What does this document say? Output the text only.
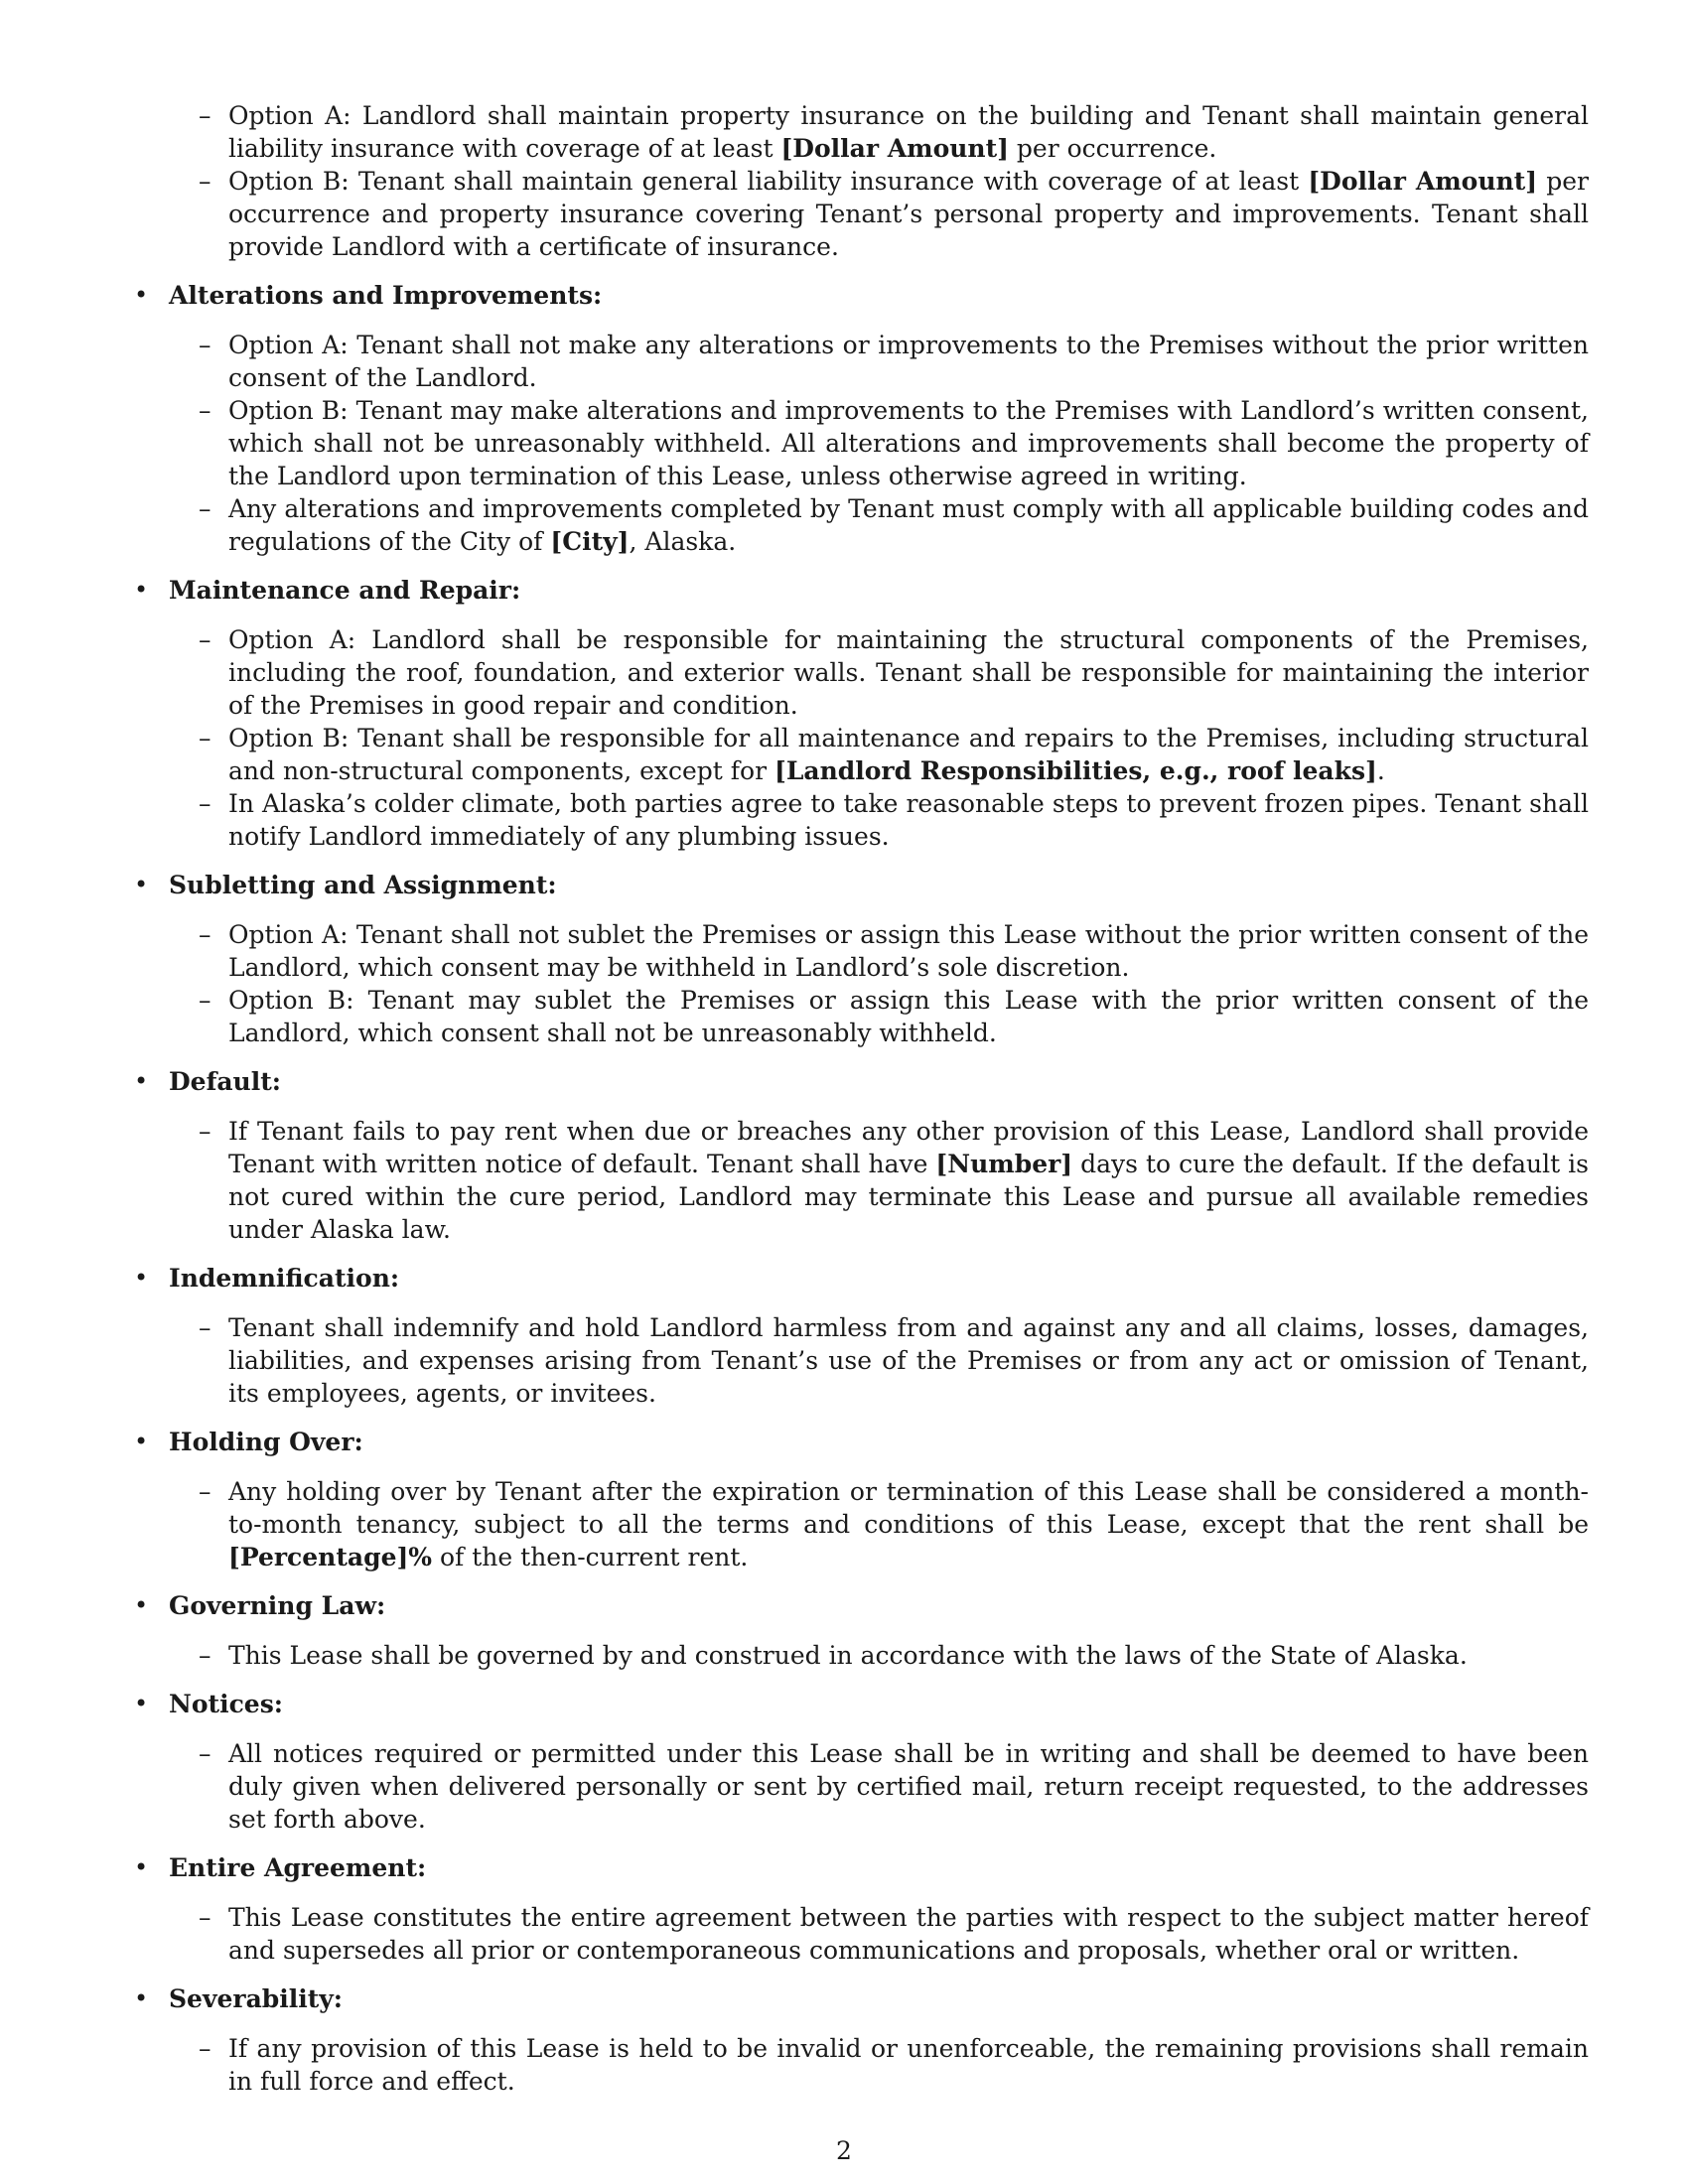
– Option A: Landlord shall maintain property insurance on the building and Tenant shall maintain general liability insurance with coverage of at least [Dollar Amount] per occurrence.
– Option B: Tenant shall maintain general liability insurance with coverage of at least [Dollar Amount] per occurrence and property insurance covering Tenant’s personal property and improvements. Tenant shall provide Landlord with a certificate of insurance.
• Alterations and Improvements:
– Option A: Tenant shall not make any alterations or improvements to the Premises without the prior written consent of the Landlord.
– Option B: Tenant may make alterations and improvements to the Premises with Landlord’s written consent, which shall not be unreasonably withheld. All alterations and improvements shall become the property of the Landlord upon termination of this Lease, unless otherwise agreed in writing.
– Any alterations and improvements completed by Tenant must comply with all applicable building codes and regulations of the City of [City], Alaska.
• Maintenance and Repair:
– Option A: Landlord shall be responsible for maintaining the structural components of the Premises, including the roof, foundation, and exterior walls. Tenant shall be responsible for maintaining the interior of the Premises in good repair and condition.
– Option B: Tenant shall be responsible for all maintenance and repairs to the Premises, including structural and non-structural components, except for [Landlord Responsibilities, e.g., roof leaks].
– In Alaska’s colder climate, both parties agree to take reasonable steps to prevent frozen pipes. Tenant shall notify Landlord immediately of any plumbing issues.
• Subletting and Assignment:
– Option A: Tenant shall not sublet the Premises or assign this Lease without the prior written consent of the Landlord, which consent may be withheld in Landlord’s sole discretion.
– Option B: Tenant may sublet the Premises or assign this Lease with the prior written consent of the Landlord, which consent shall not be unreasonably withheld.
• Default:
– If Tenant fails to pay rent when due or breaches any other provision of this Lease, Landlord shall provide Tenant with written notice of default. Tenant shall have [Number] days to cure the default. If the default is not cured within the cure period, Landlord may terminate this Lease and pursue all available remedies under Alaska law.
• Indemnification:
– Tenant shall indemnify and hold Landlord harmless from and against any and all claims, losses, damages, liabilities, and expenses arising from Tenant’s use of the Premises or from any act or omission of Tenant, its employees, agents, or invitees.
• Holding Over:
– Any holding over by Tenant after the expiration or termination of this Lease shall be considered a month-to-month tenancy, subject to all the terms and conditions of this Lease, except that the rent shall be [Percentage]% of the then-current rent.
• Governing Law:
– This Lease shall be governed by and construed in accordance with the laws of the State of Alaska.
• Notices:
– All notices required or permitted under this Lease shall be in writing and shall be deemed to have been duly given when delivered personally or sent by certified mail, return receipt requested, to the addresses set forth above.
• Entire Agreement:
– This Lease constitutes the entire agreement between the parties with respect to the subject matter hereof and supersedes all prior or contemporaneous communications and proposals, whether oral or written.
• Severability:
– If any provision of this Lease is held to be invalid or unenforceable, the remaining provisions shall remain in full force and effect.
2
